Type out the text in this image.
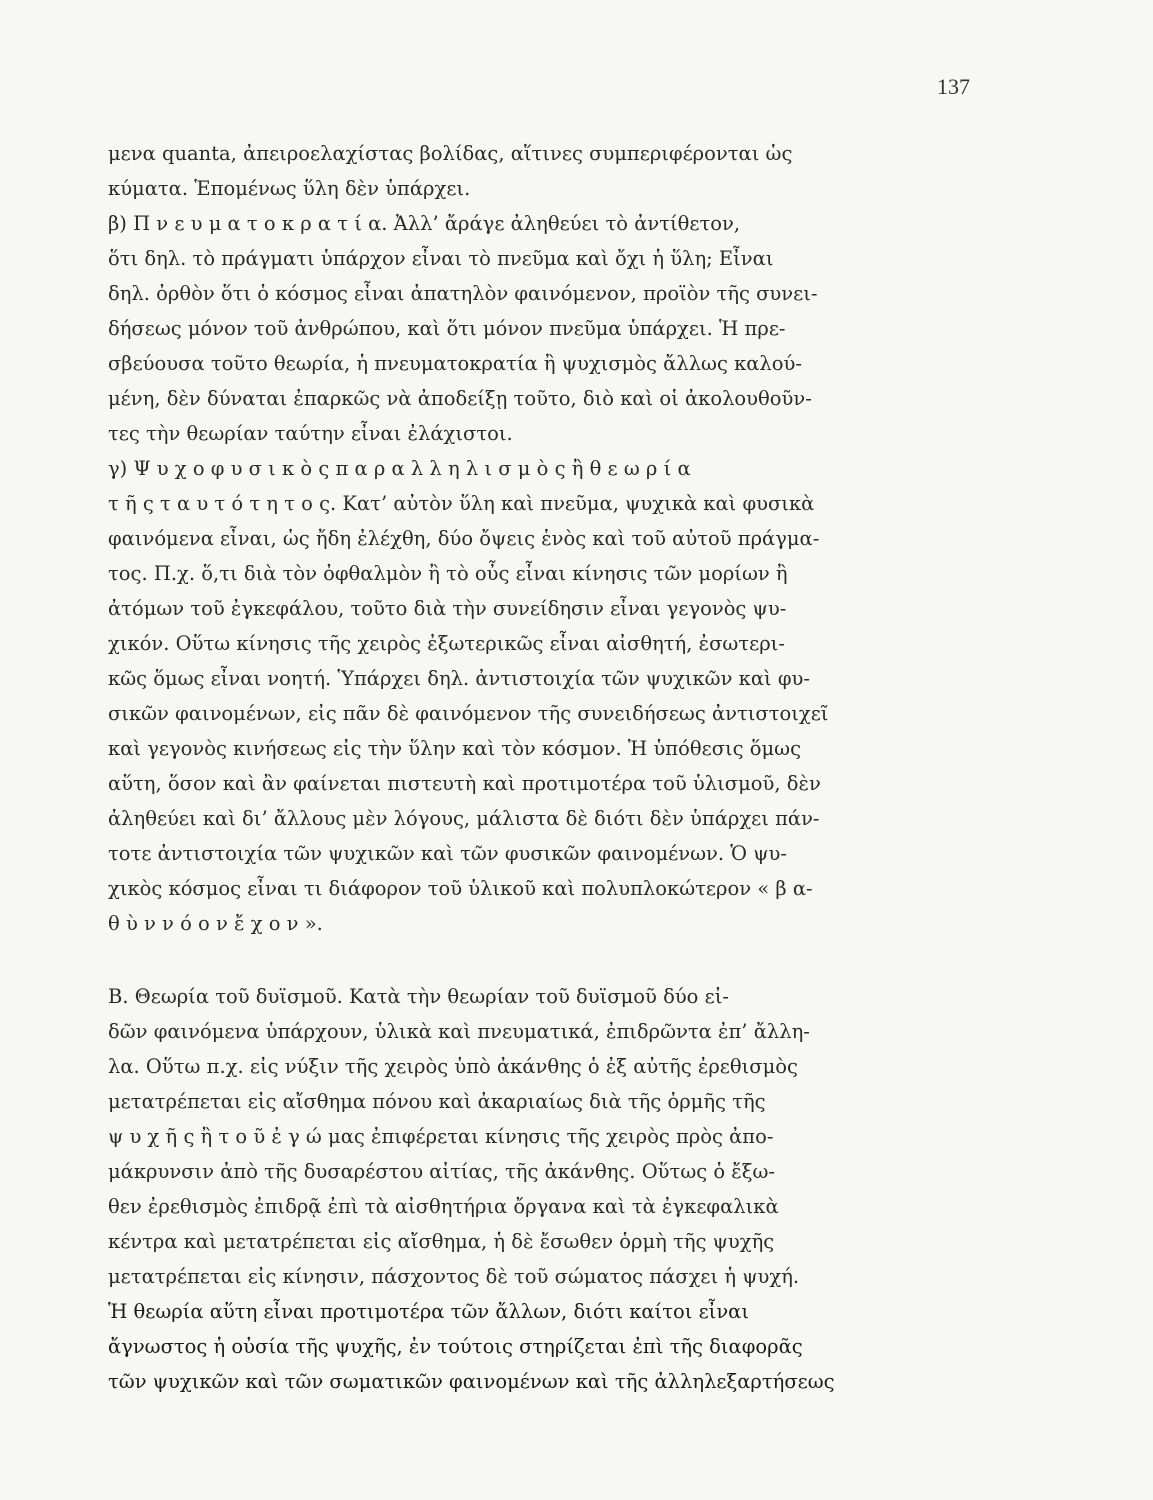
137
μενα quanta, ἀπειροελαχίστας βολίδας, αἵτινες συμπεριφέρονται ὡς
κύματα. Ἑπομένως ὕλη δὲν ὑπάρχει.
β) Π ν ε υ μ α τ ο κ ρ α τ ί α. Ἀλλ’ ἄράγε ἀληθεύει τὸ ἀντίθετον,
ὅτι δηλ. τὸ πράγματι ὑπάρχον εἶναι τὸ πνεῦμα καὶ ὄχι ἡ ὕλη; Εἶναι
δηλ. ὀρθὸν ὅτι ὁ κόσμος εἶναι ἀπατηλὸν φαινόμενον, προϊὸν τῆς συνει-
δήσεως μόνον τοῦ ἀνθρώπου, καὶ ὅτι μόνον πνεῦμα ὑπάρχει. Ἡ πρε-
σβεύουσα τοῦτο θεωρία, ἡ πνευματοκρατία ἢ ψυχισμὸς ἄλλως καλού-
μένη, δὲν δύναται ἐπαρκῶς νὰ ἀποδείξῃ τοῦτο, διὸ καὶ οἱ ἀκολουθοῦν-
τες τὴν θεωρίαν ταύτην εἶναι ἐλάχιστοι.
γ) Ψ υ χ ο φ υ σ ι κ ὸ ς π α ρ α λ λ η λ ι σ μ ὸ ς ἢ θ ε ω ρ ί α
τ ῆ ς τ α υ τ ό τ η τ ο ς. Κατ’ αὐτὸν ὕλη καὶ πνεῦμα, ψυχικὰ καὶ φυσικὰ
φαινόμενα εἶναι, ὡς ἤδη ἐλέχθη, δύο ὄψεις ἑνὸς καὶ τοῦ αὐτοῦ πράγμα-
τος. Π.χ. ὅ,τι διὰ τὸν ὀφθαλμὸν ἢ τὸ οὖς εἶναι κίνησις τῶν μορίων ἢ
ἀτόμων τοῦ ἐγκεφάλου, τοῦτο διὰ τὴν συνείδησιν εἶναι γεγονὸς ψυ-
χικόν. Οὕτω κίνησις τῆς χειρὸς ἐξωτερικῶς εἶναι αἰσθητή, ἐσωτερι-
κῶς ὅμως εἶναι νοητή. Ὑπάρχει δηλ. ἀντιστοιχία τῶν ψυχικῶν καὶ φυ-
σικῶν φαινομένων, εἰς πᾶν δὲ φαινόμενον τῆς συνειδήσεως ἀντιστοιχεῖ
καὶ γεγονὸς κινήσεως εἰς τὴν ὕλην καὶ τὸν κόσμον. Ἡ ὑπόθεσις ὅμως
αὕτη, ὅσον καὶ ἂν φαίνεται πιστευτὴ καὶ προτιμοτέρα τοῦ ὑλισμοῦ, δὲν
ἀληθεύει καὶ δι’ ἄλλους μὲν λόγους, μάλιστα δὲ διότι δὲν ὑπάρχει πάν-
τοτε ἀντιστοιχία τῶν ψυχικῶν καὶ τῶν φυσικῶν φαινομένων. Ὁ ψυ-
χικὸς κόσμος εἶναι τι διάφορον τοῦ ὑλικοῦ καὶ πολυπλοκώτερον « β α-
θ ὺ ν ν ό ο ν ἔ χ ο ν ».
Β. Θεωρία τοῦ δυϊσμοῦ. Κατὰ τὴν θεωρίαν τοῦ δυϊσμοῦ δύο εἰ-
δῶν φαινόμενα ὑπάρχουν, ὑλικὰ καὶ πνευματικά, ἐπιδρῶντα ἐπ’ ἄλλη-
λα. Οὕτω π.χ. εἰς νύξιν τῆς χειρὸς ὑπὸ ἀκάνθης ὁ ἐξ αὐτῆς ἐρεθισμὸς
μετατρέπεται εἰς αἴσθημα πόνου καὶ ἀκαριαίως διὰ τῆς ὁρμῆς τῆς
ψ υ χ ῆ ς ἢ τ ο ῦ ἐ γ ώ μας ἐπιφέρεται κίνησις τῆς χειρὸς πρὸς ἀπο-
μάκρυνσιν ἀπὸ τῆς δυσαρέστου αἰτίας, τῆς ἀκάνθης. Οὕτως ὁ ἔξω-
θεν ἐρεθισμὸς ἐπιδρᾷ ἐπὶ τὰ αἰσθητήρια ὄργανα καὶ τὰ ἐγκεφαλικὰ
κέντρα καὶ μετατρέπεται εἰς αἴσθημα, ἡ δὲ ἔσωθεν ὁρμὴ τῆς ψυχῆς
μετατρέπεται εἰς κίνησιν, πάσχοντος δὲ τοῦ σώματος πάσχει ἡ ψυχή.
Ἡ θεωρία αὕτη εἶναι προτιμοτέρα τῶν ἄλλων, διότι καίτοι εἶναι
ἄγνωστος ἡ οὐσία τῆς ψυχῆς, ἐν τούτοις στηρίζεται ἐπὶ τῆς διαφορᾶς
τῶν ψυχικῶν καὶ τῶν σωματικῶν φαινομένων καὶ τῆς ἀλληλεξαρτήσεως
